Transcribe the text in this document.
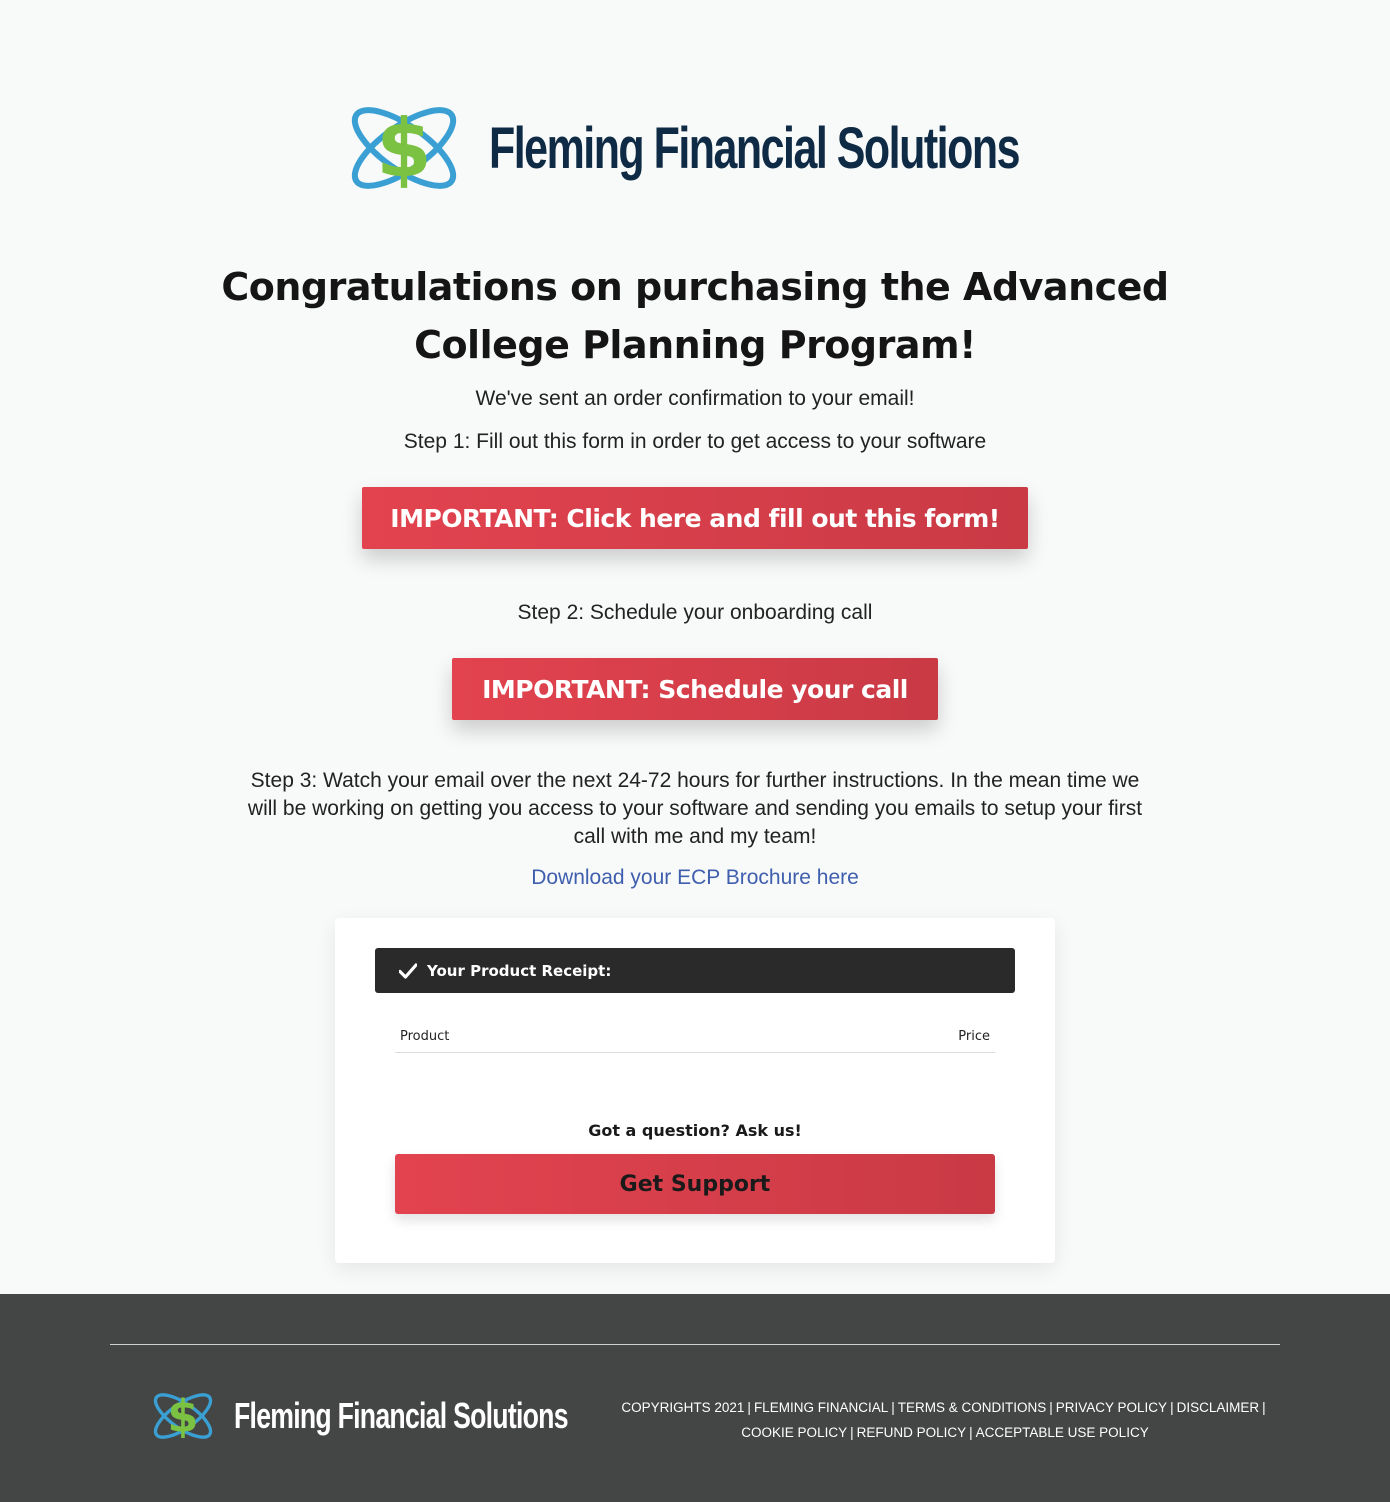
$ Fleming Financial Solutions
Congratulations on purchasing the Advanced
College Planning Program!

We've sent an order confirmation to your email!

Step 1: Fill out this form in order to get access to your software

IMPORTANT: Click here and fill out this form!

Step 2: Schedule your onboarding call

IMPORTANT: Schedule your call

Step 3: Watch your email over the next 24-72 hours for further instructions. In the mean time we
will be working on getting you access to your software and sending you emails to setup your first
call with me and my team!

Download your ECP Brochure here

Your Product Receipt:
Product	Price
Got a question? Ask us!
Get Support
$ Fleming Financial Solutions	COPYRIGHTS 2021 | FLEMING FINANCIAL | TERMS & CONDITIONS | PRIVACY POLICY | DISCLAIMER |
COOKIE POLICY | REFUND POLICY | ACCEPTABLE USE POLICY
